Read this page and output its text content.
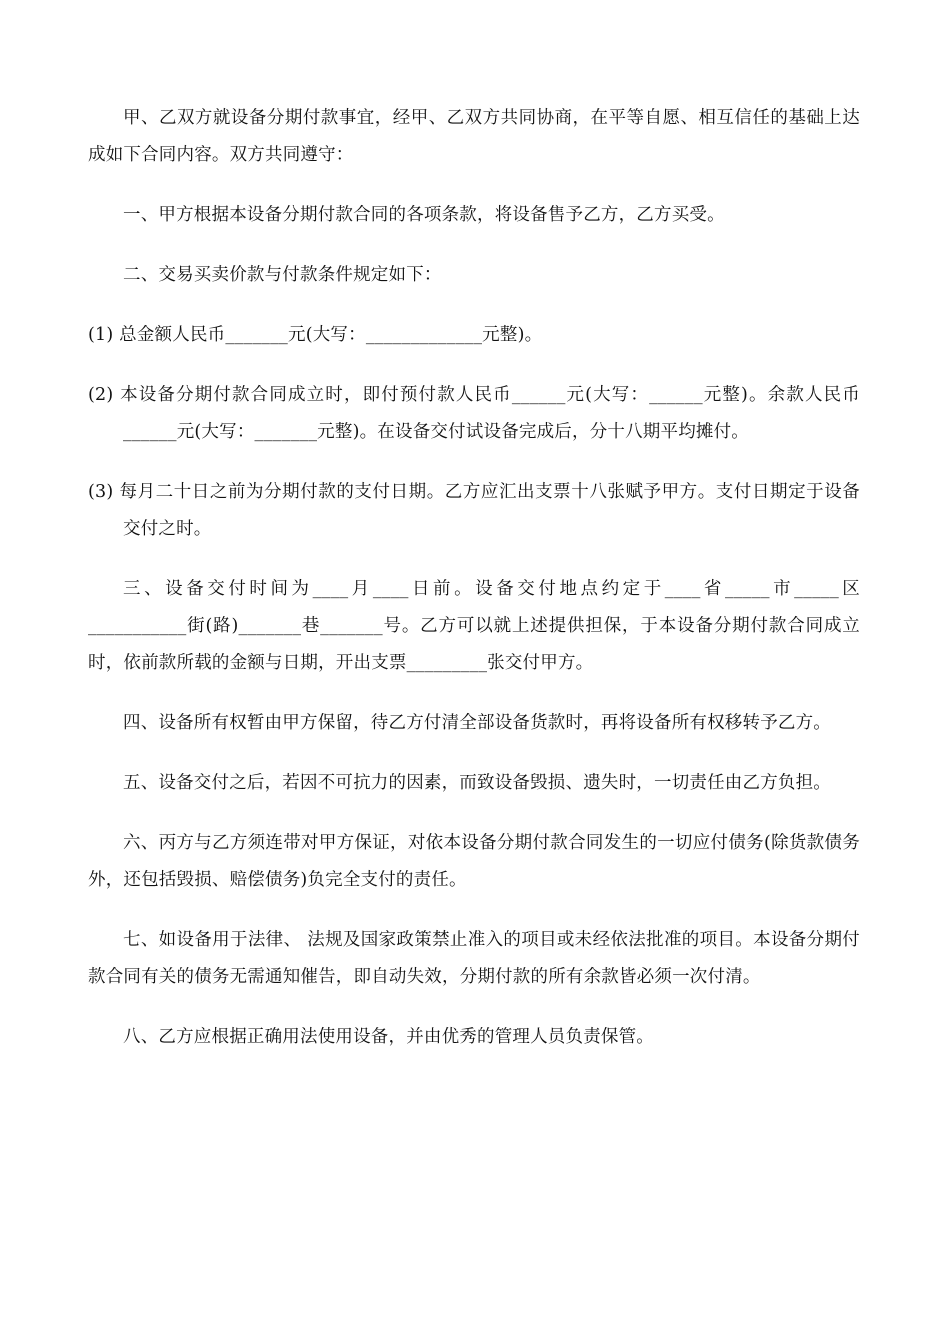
甲、乙双方就设备分期付款事宜，经甲、乙双方共同协商，在平等自愿、相互信任的基础上达成如下合同内容。双方共同遵守：

一、甲方根据本设备分期付款合同的各项条款，将设备售予乙方，乙方买受。

二、交易买卖价款与付款条件规定如下：

(1) 总金额人民币_______元(大写：_____________元整)。

(2) 本设备分期付款合同成立时，即付预付款人民币______元(大写：______元整)。余款人民币______元(大写：_______元整)。在设备交付试设备完成后，分十八期平均摊付。

(3) 每月二十日之前为分期付款的支付日期。乙方应汇出支票十八张赋予甲方。支付日期定于设备交付之时。

三、设备交付时间为____月____日前。设备交付地点约定于____省_____市_____区___________街(路)_______巷_______号。乙方可以就上述提供担保，于本设备分期付款合同成立时，依前款所载的金额与日期，开出支票_________张交付甲方。

四、设备所有权暂由甲方保留，待乙方付清全部设备货款时，再将设备所有权移转予乙方。

五、设备交付之后，若因不可抗力的因素，而致设备毁损、遗失时，一切责任由乙方负担。

六、丙方与乙方须连带对甲方保证，对依本设备分期付款合同发生的一切应付债务(除货款债务外，还包括毁损、赔偿债务)负完全支付的责任。

七、如设备用于法律、 法规及国家政策禁止准入的项目或未经依法批准的项目。本设备分期付款合同有关的债务无需通知催告，即自动失效，分期付款的所有余款皆必须一次付清。

八、乙方应根据正确用法使用设备，并由优秀的管理人员负责保管。
